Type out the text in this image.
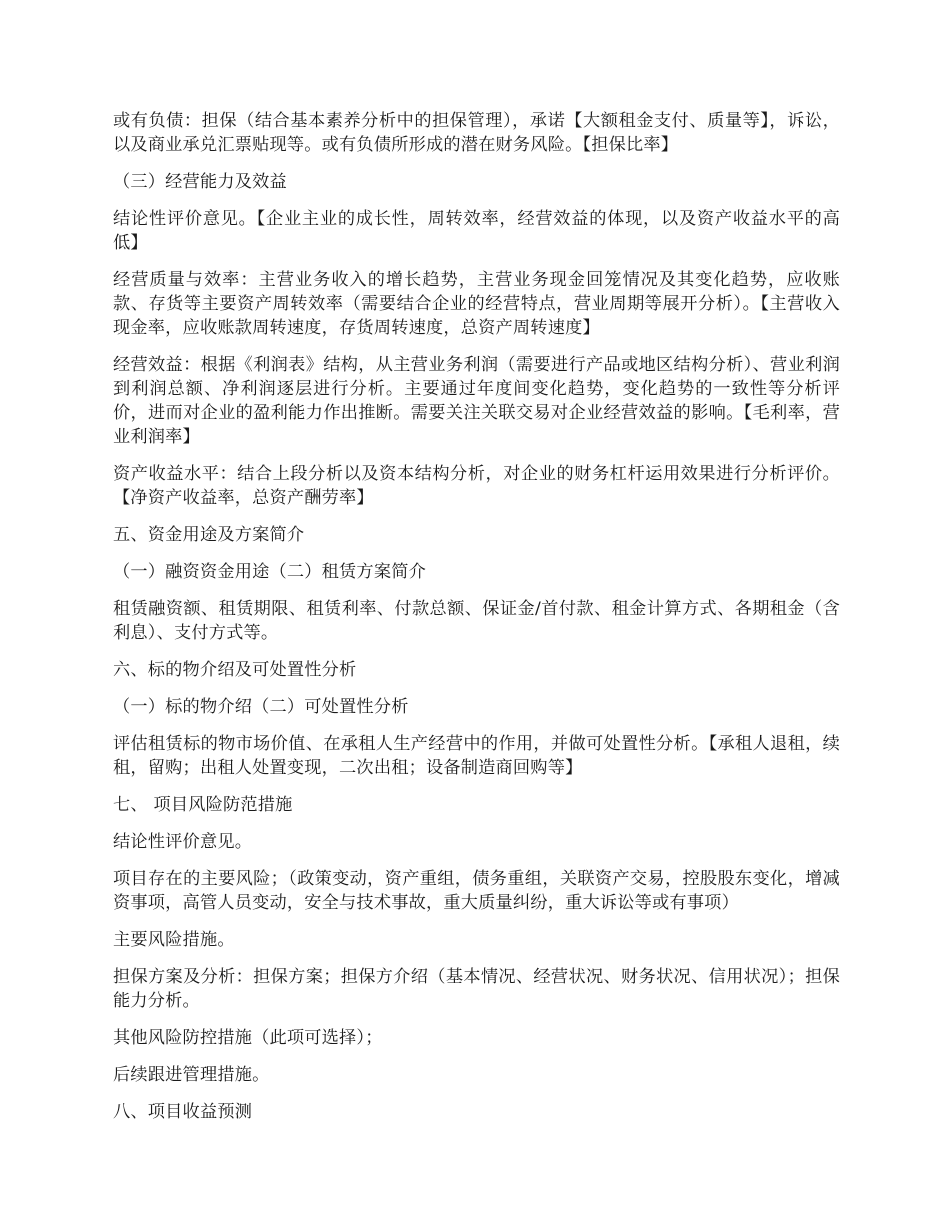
或有负债：担保（结合基本素养分析中的担保管理），承诺【大额租金支付、质量等】，诉讼，以及商业承兑汇票贴现等。或有负债所形成的潜在财务风险。【担保比率】

（三）经营能力及效益

结论性评价意见。【企业主业的成长性，周转效率，经营效益的体现，以及资产收益水平的高低】

经营质量与效率：主营业务收入的增长趋势，主营业务现金回笼情况及其变化趋势，应收账款、存货等主要资产周转效率（需要结合企业的经营特点，营业周期等展开分析）。【主营收入现金率，应收账款周转速度，存货周转速度，总资产周转速度】

经营效益：根据《利润表》结构，从主营业务利润（需要进行产品或地区结构分析）、营业利润到利润总额、净利润逐层进行分析。主要通过年度间变化趋势，变化趋势的一致性等分析评价，进而对企业的盈利能力作出推断。需要关注关联交易对企业经营效益的影响。【毛利率，营业利润率】

资产收益水平：结合上段分析以及资本结构分析，对企业的财务杠杆运用效果进行分析评价。【净资产收益率，总资产酬劳率】

五、资金用途及方案简介

（一）融资资金用途（二）租赁方案简介

租赁融资额、租赁期限、租赁利率、付款总额、保证金/首付款、租金计算方式、各期租金（含利息）、支付方式等。

六、标的物介绍及可处置性分析

（一）标的物介绍（二）可处置性分析

评估租赁标的物市场价值、在承租人生产经营中的作用，并做可处置性分析。【承租人退租，续租，留购；出租人处置变现，二次出租；设备制造商回购等】

七、 项目风险防范措施

结论性评价意见。

项目存在的主要风险；（政策变动，资产重组，债务重组，关联资产交易，控股股东变化，增减资事项，高管人员变动，安全与技术事故，重大质量纠纷，重大诉讼等或有事项）

主要风险措施。

担保方案及分析：担保方案；担保方介绍（基本情况、经营状况、财务状况、信用状况）；担保能力分析。

其他风险防控措施（此项可选择）；

后续跟进管理措施。

八、项目收益预测
